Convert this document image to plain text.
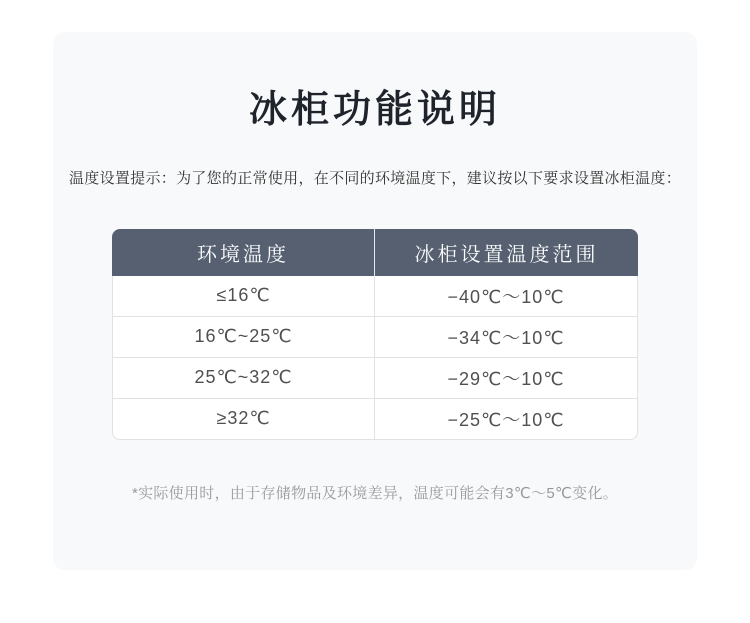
冰柜功能说明

温度设置提示：为了您的正常使用，在不同的环境温度下，建议按以下要求设置冰柜温度：

环境温度	冰柜设置温度范围
≤16℃	−40℃～10℃
16℃~25℃	−34℃～10℃
25℃~32℃	−29℃～10℃
≥32℃	−25℃～10℃

*实际使用时，由于存储物品及环境差异，温度可能会有3℃～5℃变化。
